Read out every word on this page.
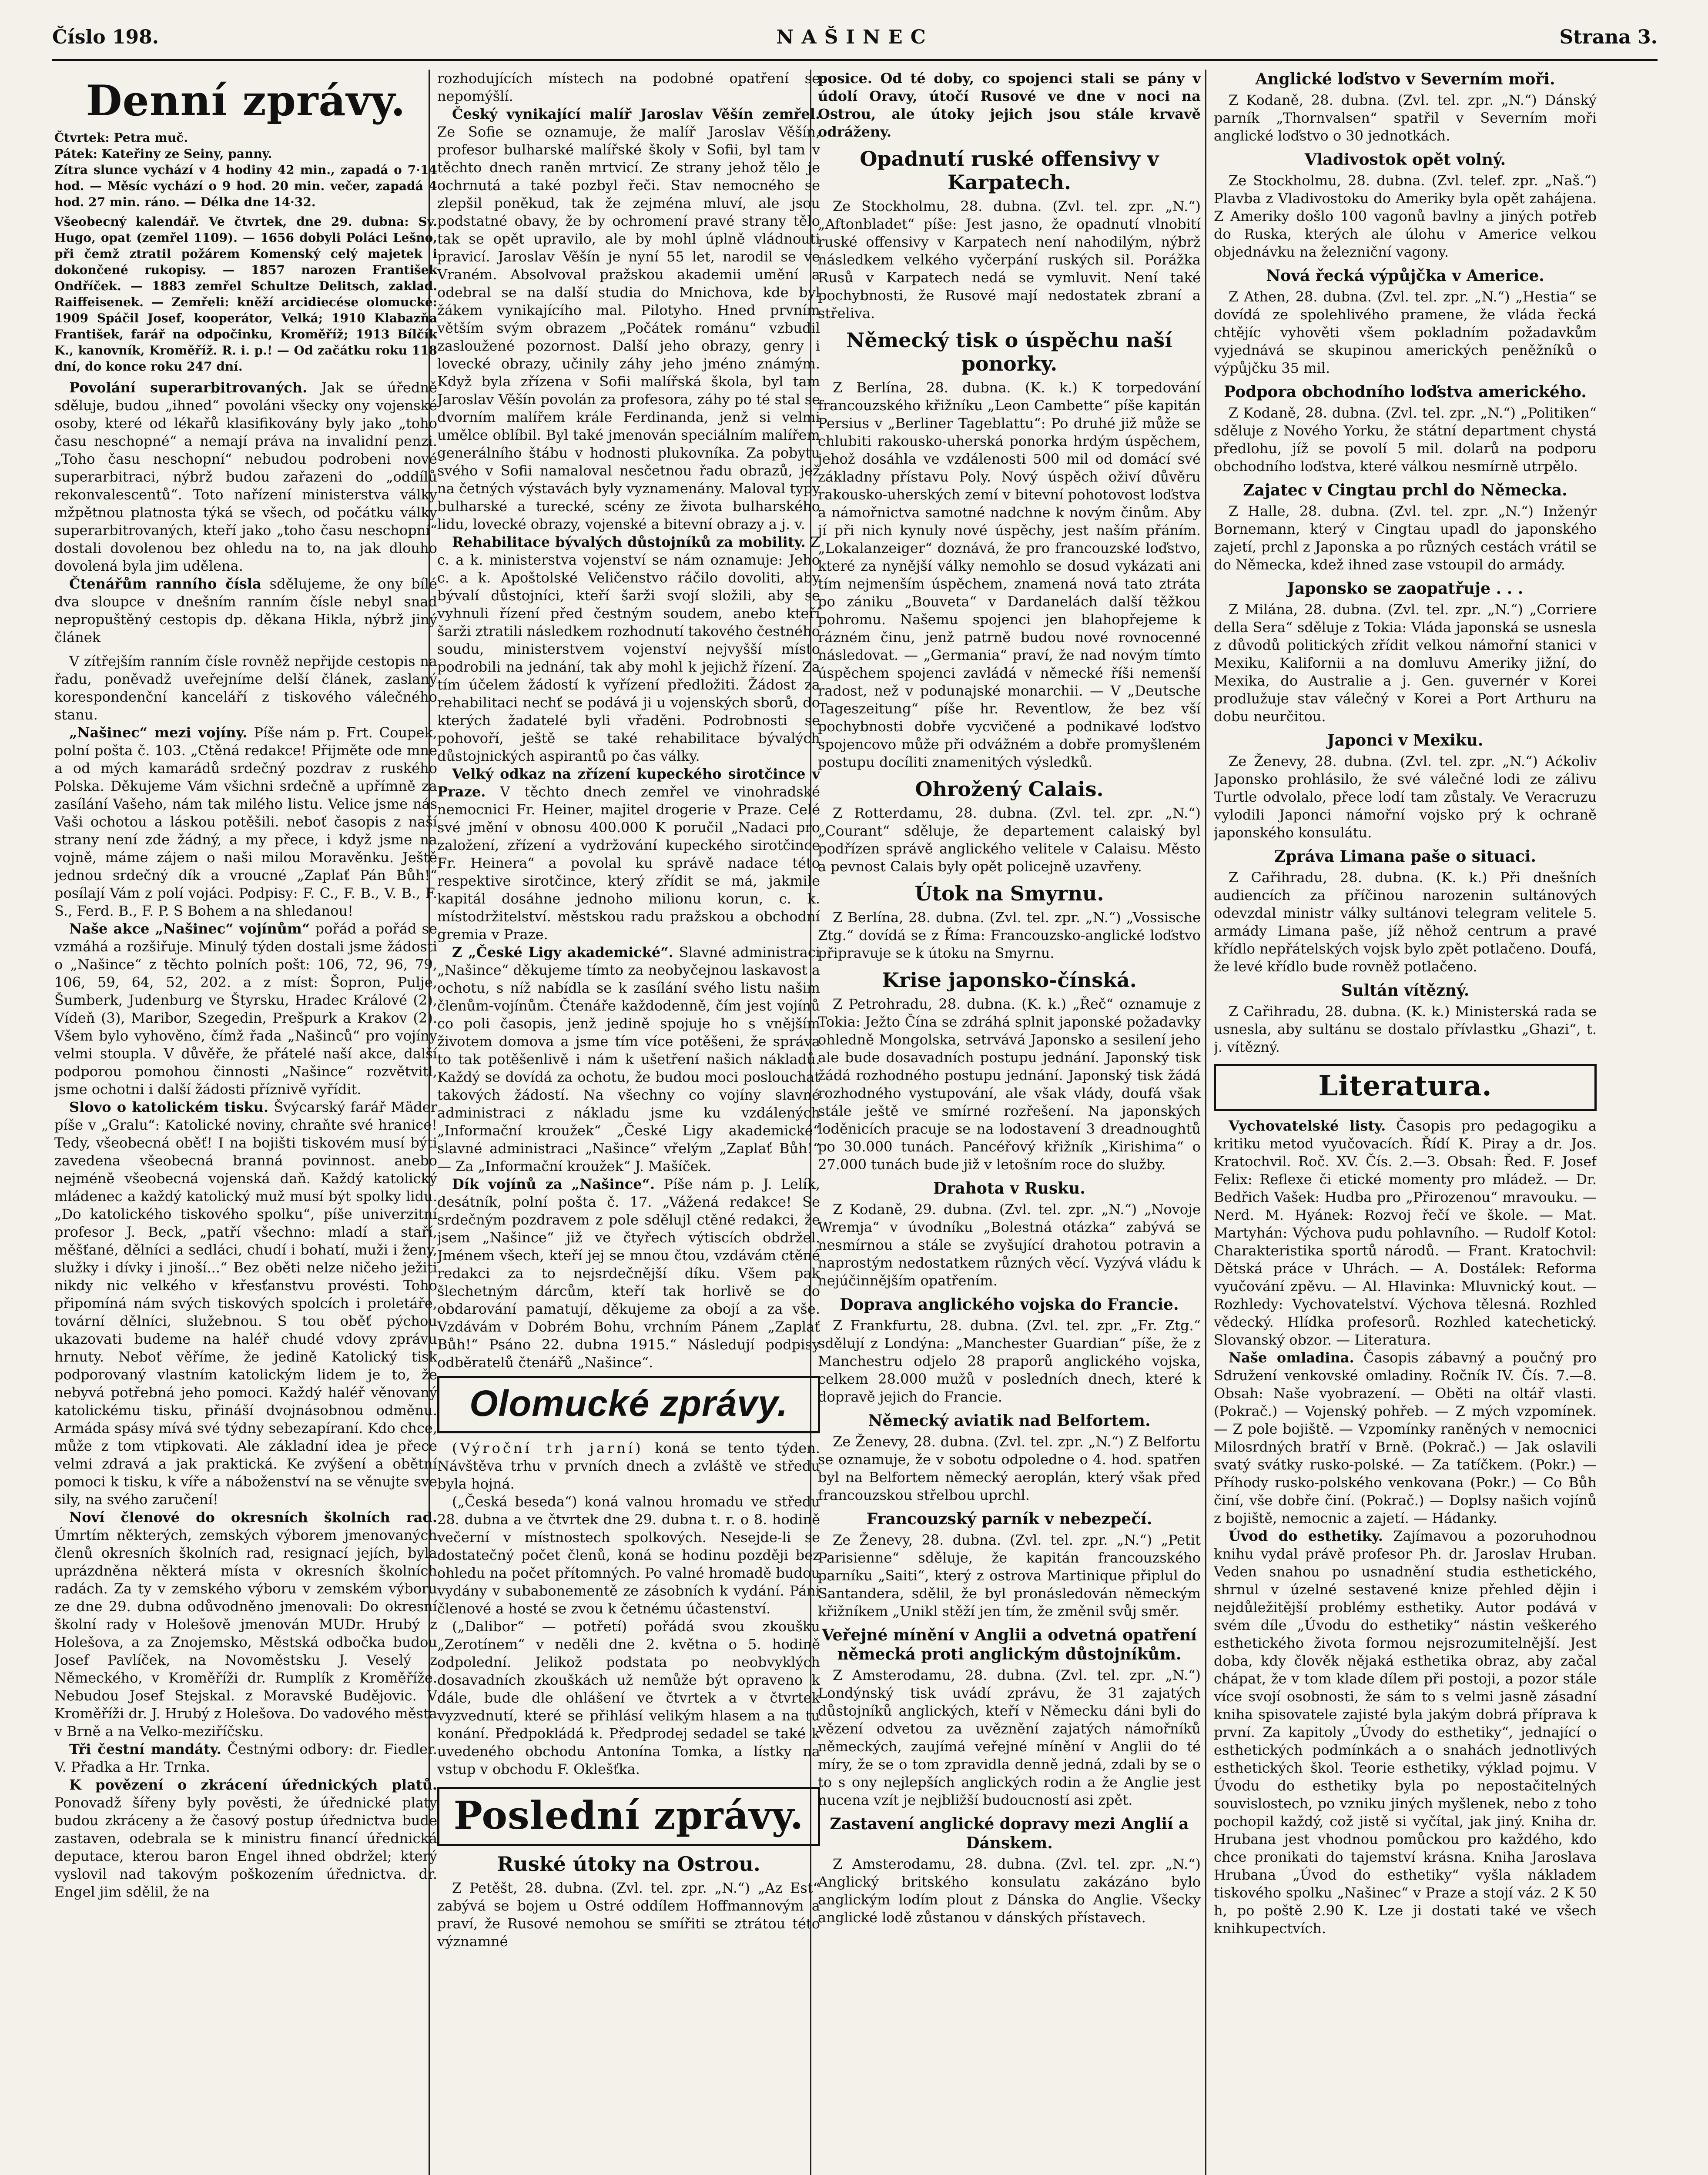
Číslo 198.	NAŠINEC	Strana 3.
Denní zprávy.

Čtvrtek: Petra muč.

Pátek: Kateřiny ze Seiny, panny.

Zítra slunce vychází v 4 hodiny 42 min., zapadá o 7·14 hod. — Měsíc vychází o 9 hod. 20 min. večer, zapadá 4 hod. 27 min. ráno. — Délka dne 14·32.

Všeobecný kalendář. Ve čtvrtek, dne 29. dubna: Sv. Hugo, opat (zemřel 1109). — 1656 dobyli Poláci Lešno, při čemž ztratil požárem Komenský celý majetek i dokončené rukopisy. — 1857 narozen František Ondříček. — 1883 zemřel Schultze Delitsch, zaklad. Raiffeisenek. — Zemřeli: kněží arcidiecése olomucké: 1909 Spáčil Josef, kooperátor, Velká; 1910 Klabazňa František, farář na odpočinku, Kroměříž; 1913 Bílčík K., kanovník, Kroměříž. R. i. p.! — Od začátku roku 118 dní, do konce roku 247 dní.

Povolání superarbitrovaných. Jak se úředně sděluje, budou „ihned“ povoláni všecky ony vojenské osoby, které od lékařů klasifikovány byly jako „toho času neschopné“ a nemají práva na invalidní penzi. „Toho času neschopní“ nebudou podrobeni nové superarbitraci, nýbrž budou zařazeni do „oddílů rekonvalescentů“. Toto nařízení ministerstva války mžpětnou platnosta týká se všech, od počátku války superarbitrovaných, kteří jako „toho času neschopní“ dostali dovolenou bez ohledu na to, na jak dlouho dovolená byla jim udělena.

Čtenářům ranního čísla sdělujeme, že ony bílé dva sloupce v dnešním ranním čísle nebyl snad nepropuštěný cestopis dp. děkana Hikla, nýbrž jiný článek

V zítřejším ranním čísle rovněž nepřijde cestopis na řadu, poněvadž uveřejníme delší článek, zaslaný korespondenční kanceláří z tiskového válečného stanu.

„Našinec“ mezi vojíny. Píše nám p. Frt. Coupek, polní pošta č. 103. „Ctěná redakce! Přijměte ode mne a od mých kamarádů srdečný pozdrav z ruského Polska. Děkujeme Vám všichni srdečně a upřímně za zasílání Vašeho, nám tak milého listu. Velice jsme nás Vaši ochotou a láskou potěšili. neboť časopis z naší strany není zde žádný, a my přece, i když jsme na vojně, máme zájem o naši milou Moravěnku. Ještě jednou srdečný dík a vroucné „Zaplať Pán Bůh!“ posílají Vám z polí vojáci. Podpisy: F. C., F. B., V. B., F. S., Ferd. B., F. P. S Bohem a na shledanou!

Naše akce „Našinec“ vojínům“ pořád a pořád se vzmáhá a rozšiřuje. Minulý týden dostali jsme žádosti o „Našince“ z těchto polních pošt: 106, 72, 96, 79, 106, 59, 64, 52, 202. a z míst: Šopron, Pulje, Šumberk, Judenburg ve Štyrsku, Hradec Králové (2), Vídeň (3), Maribor, Szegedin, Prešpurk a Krakov (2). Všem bylo vyhověno, čímž řada „Našinců“ pro vojíny velmi stoupla. V důvěře, že přátelé naší akce, další podporou pomohou činnosti „Našince“ rozvětvitl, jsme ochotni i další žádosti příznivě vyřídit.

Slovo o katolickém tisku. Švýcarský farář Mäder píše v „Gralu“: Katolické noviny, chraňte své hranice! Tedy, všeobecná oběť! I na bojišti tiskovém musí býti zavedena všeobecná branná povinnost. anebo nejméně všeobecná vojenská daň. Každý katolický mládenec a každý katolický muž musí být spolky lidu. „Do katolického tiskového spolku“, píše univerzitní profesor J. Beck, „patří všechno: mladí a staří, měšťané, dělníci a sedláci, chudí i bohatí, muži i ženy, služky i dívky i jinoší...“ Bez oběti nelze ničeho ježiti nikdy nic velkého v křesťanstvu provésti. Toho připomíná nám svých tiskových spolcích i proletáře, tovární dělníci, služebnou. S tou oběť pýchou ukazovati budeme na haléř chudé vdovy zprávu hrnuty. Neboť věříme, že jedině Katolický tisk podporovaný vlastním katolickým lidem je to, že nebyvá potřebná jeho pomoci. Každý haléř věnovaný katolickému tisku, přináší dvojnásobnou odměnu. Armáda spásy mívá své týdny sebezapíraní. Kdo chce, může z tom vtipkovati. Ale základní idea je přece velmi zdravá a jak praktická. Ke zvýšení a obětní pomoci k tisku, k víře a náboženství na se věnujte sve sily, na svého zaručení!

Noví členové do okresních školních rad. Úmrtím některých, zemských výborem jmenovaných členů okresních školních rad, resignací jejích, byla uprázdněna některá místa v okresních školních radách. Za ty v zemského výboru v zemském výboru ze dne 29. dubna odůvodněno jmenovali: Do okresní školní rady v Holešově jmenován MUDr. Hrubý z Holešova, a za Znojemsko, Městská odbočka budou Josef Pavlíček, na Novoměstsku J. Veselý z Německého, v Kroměříži dr. Rumplík z Kroměříže. Nebudou Josef Stejskal. z Moravské Budějovic. V Kroměříži dr. J. Hrubý z Holešova. Do vadového města v Brně a na Velko-meziříčsku.

Tři čestní mandáty. Čestnými odbory: dr. Fiedler. V. Přadka a Hr. Trnka.

K povězení o zkrácení úřednických platů. Ponovadž šířeny byly pověsti, že úřednické platy budou zkráceny a že časový postup úřednictva bude zastaven, odebrala se k ministru financí úřednická deputace, kterou baron Engel ihned obdržel; který vyslovil nad takovým poškozením úřednictva. dr. Engel jim sdělil, že na

rozhodujících místech na podobné opatření se nepomýšlí.

Český vynikající malíř Jaroslav Věšín zemřel. Ze Sofie se oznamuje, že malíř Jaroslav Věšín, profesor bulharské malířské školy v Sofii, byl tam v těchto dnech raněn mrtvicí. Ze strany jehož tělo je ochrnutá a také pozbyl řeči. Stav nemocného se zlepšil poněkud, tak že zejména mluví, ale jsou podstatné obavy, že by ochromení pravé strany tělo tak se opět upravilo, ale by mohl úplně vládnouti pravicí. Jaroslav Věšín je nyní 55 let, narodil se ve Vraném. Absolvoval pražskou akademii umění a odebral se na další studia do Mnichova, kde byl žákem vynikajícího mal. Pilotyho. Hned prvním větším svým obrazem „Počátek románu“ vzbudil zasloužené pozornost. Další jeho obrazy, genry i lovecké obrazy, učinily záhy jeho jméno známým. Když byla zřízena v Sofii malířská škola, byl tam Jaroslav Věšín povolán za profesora, záhy po té stal se dvorním malířem krále Ferdinanda, jenž si velmi umělce oblíbil. Byl také jmenován speciálním malířem generálního štábu v hodnosti plukovníka. Za pobytu svého v Sofii namaloval nesčetnou řadu obrazů, jež na četných výstavách byly vyznamenány. Maloval typy bulharské a turecké, scény ze života bulharského lidu, lovecké obrazy, vojenské a bitevní obrazy a j. v.

Rehabilitace bývalých důstojníků za mobility. Z c. a k. ministerstva vojenství se nám oznamuje: Jeho c. a k. Apoštolské Veličenstvo ráčilo dovoliti, aby bývalí důstojníci, kteří šarži svojí složili, aby se vyhnuli řízení před čestným soudem, anebo kteří šarži ztratili následkem rozhodnutí takového čestného soudu, ministerstvem vojenství nejvyšší místo podrobili na jednání, tak aby mohl k jejichž řízení. Za tím účelem žádostí k vyřízení předložiti. Žádost za rehabilitaci nechť se podává ji u vojenských sborů, do kterých žadatelé byli vřaděni. Podrobnosti se pohovoří, ještě se také rehabilitace bývalých důstojnických aspirantů po čas války.

Velký odkaz na zřízení kupeckého sirotčince v Praze. V těchto dnech zemřel ve vinohradské nemocnici Fr. Heiner, majitel drogerie v Praze. Celé své jmění v obnosu 400.000 K poručil „Nadaci pro založení, zřízení a vydržování kupeckého sirotčince Fr. Heinera“ a povolal ku správě nadace této respektive sirotčince, který zřídit se má, jakmile kapitál dosáhne jednoho milionu korun, c. k. místodržitelství. městskou radu pražskou a obchodní gremia v Praze.

Z „České Ligy akademické“. Slavné administraci „Našince“ děkujeme tímto za neobyčejnou laskavost a ochotu, s níž nabídla se k zasílání svého listu našim členům-vojínům. Čtenáře každodenně, čím jest vojínů co poli časopis, jenž jedině spojuje ho s vnějším životem domova a jsme tím více potěšeni, že správa to tak potěšenlivě i nám k ušetření našich nákladů. Každý se dovídá za ochotu, že budou moci poslouchat takových žádostí. Na všechny co vojíny slavné administraci z nákladu jsme ku vzdálených „Informační kroužek“ „České Ligy akademické“ slavné administraci „Našince“ vřelým „Zaplať Bůh!“ — Za „Informační kroužek“ J. Mašíček.

Dík vojínů za „Našince“. Píše nám p. J. Lelík, desátník, polní pošta č. 17. „Vážená redakce! Se srdečným pozdravem z pole sdělujl ctěné redakci, že jsem „Našince“ již ve čtyřech výtiscích obdržel. Jménem všech, kteří jej se mnou čtou, vzdávám ctěné redakci za to nejsrdečnější díku. Všem pak šlechetným dárcům, kteří tak horlivě se do obdarování pamatují, děkujeme za obojí a za vše. Vzdávám v Dobrém Bohu, vrchním Pánem „Zaplať Bůh!“ Psáno 22. dubna 1915.“ Následují podpisy odběratelů čtenářů „Našince“.

Olomucké zprávy.

(Výroční trh jarní) koná se tento týden. Návštěva trhu v prvních dnech a zvláště ve středu byla hojná.

(„Česká beseda“) koná valnou hromadu ve středu 28. dubna a ve čtvrtek dne 29. dubna t. r. o 8. hodině večerní v místnostech spolkových. Nesejde-li se dostatečný počet členů, koná se hodinu později bez ohledu na počet přítomných. Po valné hromadě budou vydány v subabonementě ze zásobních k vydání. Páni členové a hosté se zvou k četnému účastenství.

(„Dalibor“ — potřetí) pořádá svou zkoušku „Zerotínem“ v neděli dne 2. května o 5. hodině odpolední. Jelikož podstata po neobvyklých dosavadních zkouškách už nemůže být opraveno k dále, bude dle ohlášení ve čtvrtek a v čtvrtek vyzvednutí, které se přihlásí velikým hlasem a na tu konání. Předpokládá k. Předprodej sedadel se také k uvedeného obchodu Antonína Tomka, a lístky na vstup v obchodu F. Oklešťka.

Poslední zprávy.
Ruské útoky na Ostrou.

Z Petěšt, 28. dubna. (Zvl. tel. zpr. „N.“) „Az Est“ zabývá se bojem u Ostré oddílem Hoffmannovým a praví, že Rusové nemohou se smířiti se ztrátou této významné

posice. Od té doby, co spojenci stali se pány v údolí Oravy, útočí Rusové ve dne v noci na Ostrou, ale útoky jejich jsou stále krvavě odráženy.

Opadnutí ruské offensivy v Karpatech.

Ze Stockholmu, 28. dubna. (Zvl. tel. zpr. „N.“) „Aftonbladet“ píše: Jest jasno, že opadnutí vlnobití ruské offensivy v Karpatech není nahodilým, nýbrž následkem velkého vyčerpání ruských sil. Porážka Rusů v Karpatech nedá se vymluvit. Není také pochybnosti, že Rusové mají nedostatek zbraní a střeliva.

Německý tisk o úspěchu naší ponorky.

Z Berlína, 28. dubna. (K. k.) K torpedování francouzského křižníku „Leon Cambette“ píše kapitán Persius v „Berliner Tageblattu“: Po druhé již může se chlubiti rakousko-uherská ponorka hrdým úspěchem, jehož dosáhla ve vzdálenosti 500 mil od domácí své základny přístavu Poly. Nový úspěch oživí důvěru rakousko-uherských zemí v bitevní pohotovost loďstva a námořnictva samotné nadchne k novým činům. Aby jí při nich kynuly nové úspěchy, jest naším přáním. „Lokalanzeiger“ doznává, že pro francouzské loďstvo, které za nynější války nemohlo se dosud vykázati ani tím nejmenším úspěchem, znamená nová tato ztráta po zániku „Bouveta“ v Dardanelách další těžkou pohromu. Našemu spojenci jen blahopřejeme k rázném činu, jenž patrně budou nové rovnocenné následovat. — „Germania“ praví, že nad novým tímto úspěchem spojenci zavládá v německé říši nemenší radost, než v podunajské monarchii. — V „Deutsche Tageszeitung“ píše hr. Reventlow, že bez vší pochybnosti dobře vycvičené a podnikavé loďstvo spojencovo může při odvážném a dobře promyšleném postupu docíliti znamenitých výsledků.

Ohrožený Calais.

Z Rotterdamu, 28. dubna. (Zvl. tel. zpr. „N.“) „Courant“ sděluje, že departement calaiský byl podřízen správě anglického velitele v Calaisu. Město a pevnost Calais byly opět policejně uzavřeny.

Útok na Smyrnu.

Z Berlína, 28. dubna. (Zvl. tel. zpr. „N.“) „Vossische Ztg.“ dovídá se z Říma: Francouzsko-anglické loďstvo připravuje se k útoku na Smyrnu.

Krise japonsko-čínská.

Z Petrohradu, 28. dubna. (K. k.) „Řeč“ oznamuje z Tokia: Ježto Čína se zdráhá splnit japonské požadavky ohledně Mongolska, setrvává Japonsko a sesilení jeho ale bude dosavadních postupu jednání. Japonský tisk žádá rozhodného postupu jednání. Japonský tisk žádá rozhodného vystupování, ale však vlády, doufá však stále ještě ve smírné rozřešení. Na japonských loděnicích pracuje se na lodostavení 3 dreadnoughtů po 30.000 tunách. Pancéřový křižník „Kirishima“ o 27.000 tunách bude již v letošním roce do služby.

Drahota v Rusku.

Z Kodaně, 29. dubna. (Zvl. tel. zpr. „N.“) „Novoje Wremja“ v úvodníku „Bolestná otázka“ zabývá se nesmírnou a stále se zvyšující drahotou potravin a naprostým nedostatkem různých věcí. Vyzývá vládu k nejúčinnějším opatřením.

Doprava anglického vojska do Francie.

Z Frankfurtu, 28. dubna. (Zvl. tel. zpr. „Fr. Ztg.“ sdělují z Londýna: „Manchester Guardian“ píše, že z Manchestru odjelo 28 praporů anglického vojska, celkem 28.000 mužů v posledních dnech, které k dopravě jejich do Francie.

Německý aviatik nad Belfortem.

Ze Ženevy, 28. dubna. (Zvl. tel. zpr. „N.“) Z Belfortu se oznamuje, že v sobotu odpoledne o 4. hod. spatřen byl na Belfortem německý aeroplán, který však před francouzskou střelbou uprchl.

Francouzský parník v nebezpečí.

Ze Ženevy, 28. dubna. (Zvl. tel. zpr. „N.“) „Petit Parisienne“ sděluje, že kapitán francouzského parníku „Saiti“, který z ostrova Martinique připlul do Santandera, sdělil, že byl pronásledován německým křižníkem „Unikl stěží jen tím, že změnil svůj směr.

Veřejné mínění v Anglii a odvetná opatření německá proti anglickým důstojníkům.

Z Amsterodamu, 28. dubna. (Zvl. tel. zpr. „N.“) Londýnský tisk uvádí zprávu, že 31 zajatých důstojníků anglických, kteří v Německu dáni byli do vězení odvetou za uvěznění zajatých námořníků německých, zaujímá veřejné mínění v Anglii do té míry, že se o tom zpravidla denně jedná, zdali by se o to s ony nejlepších anglických rodin a že Anglie jest nucena vzít je nejbližší budoucností asi zpět.

Zastavení anglické dopravy mezi Anglií a Dánskem.

Z Amsterodamu, 28. dubna. (Zvl. tel. zpr. „N.“) Anglický britského konsulatu zakázáno bylo anglickým lodím plout z Dánska do Anglie. Všecky anglické lodě zůstanou v dánských přístavech.

Anglické loďstvo v Severním moři.

Z Kodaně, 28. dubna. (Zvl. tel. zpr. „N.“) Dánský parník „Thornvalsen“ spatřil v Severním moři anglické loďstvo o 30 jednotkách.

Vladivostok opět volný.

Ze Stockholmu, 28. dubna. (Zvl. telef. zpr. „Naš.“) Plavba z Vladivostoku do Ameriky byla opět zahájena. Z Ameriky došlo 100 vagonů bavlny a jiných potřeb do Ruska, kterých ale úlohu v Americe velkou objednávku na železniční vagony.

Nová řecká výpůjčka v Americe.

Z Athen, 28. dubna. (Zvl. tel. zpr. „N.“) „Hestia“ se dovídá ze spolehlivého pramene, že vláda řecká chtějíc vyhověti všem pokladním požadavkům vyjednává se skupinou amerických peněžníků o výpůjčku 35 mil.

Podpora obchodního loďstva amerického.

Z Kodaně, 28. dubna. (Zvl. tel. zpr. „N.“) „Politiken“ sděluje z Nového Yorku, že státní department chystá předlohu, jíž se povolí 5 mil. dolarů na podporu obchodního loďstva, které válkou nesmírně utrpělo.

Zajatec v Cingtau prchl do Německa.

Z Halle, 28. dubna. (Zvl. tel. zpr. „N.“) Inženýr Bornemann, který v Cingtau upadl do japonského zajetí, prchl z Japonska a po různých cestách vrátil se do Německa, kdež ihned zase vstoupil do armády.

Japonsko se zaopatřuje . . .

Z Milána, 28. dubna. (Zvl. tel. zpr. „N.“) „Corriere della Sera“ sděluje z Tokia: Vláda japonská se usnesla z důvodů politických zřídit velkou námořní stanici v Mexiku, Kalifornii a na domluvu Ameriky jižní, do Mexika, do Australie a j. Gen. guvernér v Korei prodlužuje stav válečný v Korei a Port Arthuru na dobu neurčitou.

Japonci v Mexiku.

Ze Ženevy, 28. dubna. (Zvl. tel. zpr. „N.“) Aćkoliv Japonsko prohlásilo, že své válečné lodi ze zálivu Turtle odvolalo, přece lodí tam zůstaly. Ve Veracruzu vylodili Japonci námořní vojsko prý k ochraně japonského konsulátu.

Zpráva Limana paše o situaci.

Z Cařihradu, 28. dubna. (K. k.) Při dnešních audiencích za příčinou narozenin sultánových odevzdal ministr války sultánovi telegram velitele 5. armády Limana paše, jíž něhož centrum a pravé křídlo nepřátelských vojsk bylo zpět potlačeno. Doufá, že levé křídlo bude rovněž potlačeno.

Sultán vítězný.

Z Cařihradu, 28. dubna. (K. k.) Ministerská rada se usnesla, aby sultánu se dostalo přívlastku „Ghazi“, t. j. vítězný.

Literatura.

Vychovatelské listy. Časopis pro pedagogiku a kritiku metod vyučovacích. Řídí K. Piray a dr. Jos. Kratochvil. Roč. XV. Čís. 2.—3. Obsah: Řed. F. Josef Felix: Reflexe či etické momenty pro mládež. — Dr. Bedřich Vašek: Hudba pro „Přirozenou“ mravouku. — Nerd. M. Hyánek: Rozvoj řečí ve škole. — Mat. Martyhán: Výchova pudu pohlavního. — Rudolf Kotol: Charakteristika sportů národů. — Frant. Kratochvil: Dětská práce v Uhrách. — A. Dostálek: Reforma vyučování zpěvu. — Al. Hlavinka: Mluvnický kout. — Rozhledy: Vychovatelství. Výchova tělesná. Rozhled vědecký. Hlídka profesorů. Rozhled katechetický. Slovanský obzor. — Literatura.

Naše omladina. Časopis zábavný a poučný pro Sdružení venkovské omladiny. Ročník IV. Čís. 7.—8. Obsah: Naše vyobrazení. — Oběti na oltář vlasti. (Pokrač.) — Vojenský pohřeb. — Z mých vzpomínek. — Z pole bojiště. — Vzpomínky raněných v nemocnici Milosrdných bratří v Brně. (Pokrač.) — Jak oslavili svatý svátky rusko-polské. — Za tatíčkem. (Pokr.) — Příhody rusko-polského venkovana (Pokr.) — Co Bůh činí, vše dobře činí. (Pokrač.) — Doplsy našich vojínů z bojiště, nemocnic a zajetí. — Hádanky.

Úvod do esthetiky. Zajímavou a pozoruhodnou knihu vydal právě profesor Ph. dr. Jaroslav Hruban. Veden snahou po usnadnění studia esthetického, shrnul v úzelné sestavené knize přehled dějin i nejdůležitější problémy esthetiky. Autor podává v svém díle „Úvodu do esthetiky“ nástin veškerého esthetického života formou nejsrozumitelnější. Jest doba, kdy člověk nějaká esthetika obraz, aby začal chápat, že v tom klade dílem při postoji, a pozor stále více svojí osobnosti, že sám to s velmi jasně zásadní kniha spisovatele zajisté byla jakým dobrá příprava k první. Za kapitoly „Úvody do esthetiky“, jednající o esthetických podmínkách a o snahách jednotlivých esthetických škol. Teorie esthetiky, výklad pojmu. V Úvodu do esthetiky byla po nepostačitelných souvislostech, po vzniku jiných myšlenek, nebo z toho pochopil každý, což jistě si vyčítal, jak jiný. Kniha dr. Hrubana jest vhodnou pomůckou pro každého, kdo chce pronikati do tajemství krásna. Kniha Jaroslava Hrubana „Úvod do esthetiky“ vyšla nákladem tiskového spolku „Našinec“ v Praze a stojí váz. 2 K 50 h, po poště 2.90 K. Lze ji dostati také ve všech knihkupectvích.
